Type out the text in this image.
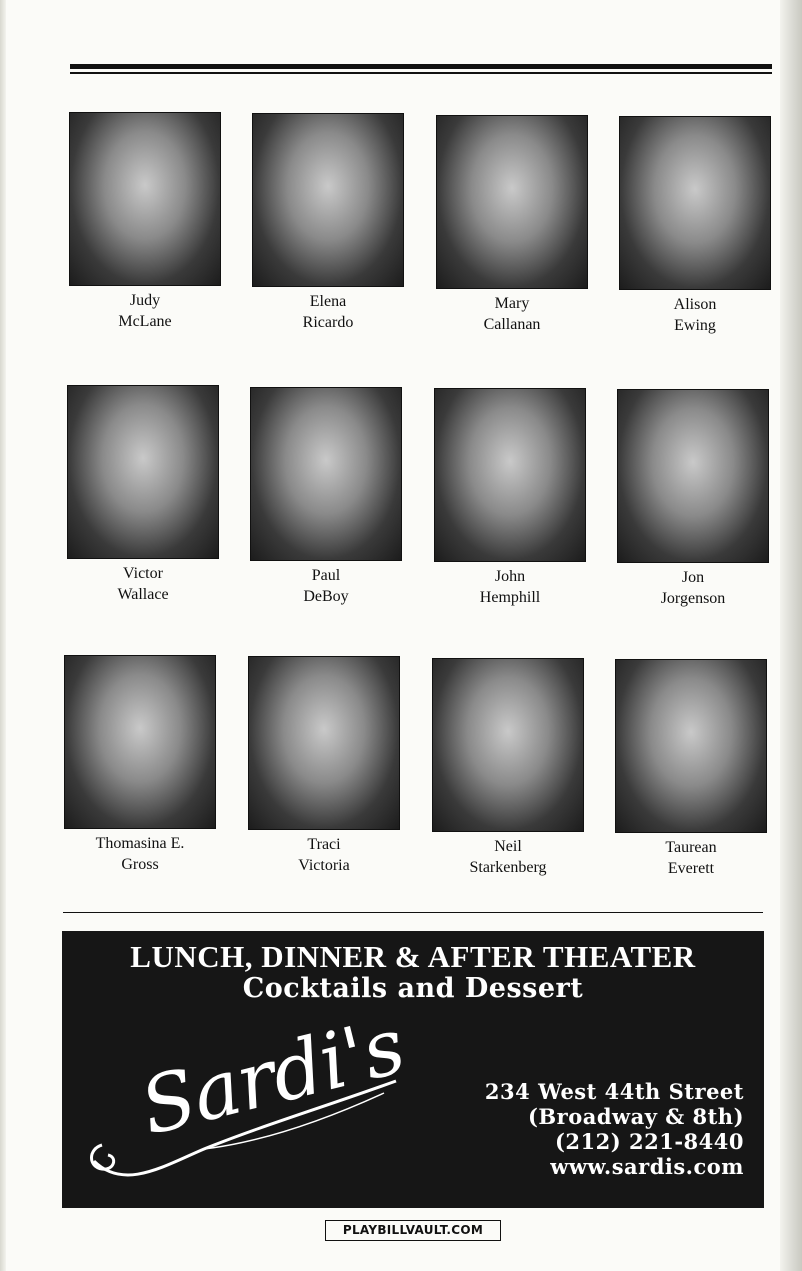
Judy
McLane
Elena
Ricardo
Mary
Callanan
Alison
Ewing
Victor
Wallace
Paul
DeBoy
John
Hemphill
Jon
Jorgenson
Thomasina E.
Gross
Traci
Victoria
Neil
Starkenberg
Taurean
Everett
LUNCH, DINNER & AFTER THEATER
Cocktails and Dessert
Sardi's	234 West 44th Street
(Broadway & 8th)
(212) 221-8440
www.sardis.com
PLAYBILLVAULT.COM
